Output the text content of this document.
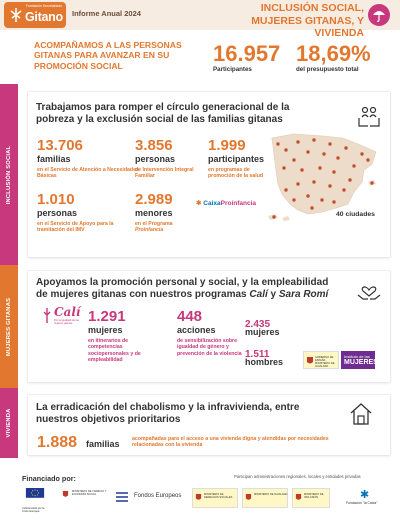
Fundación Secretariado
Gitano Informe Anual 2024	INCLUSIÓN SOCIAL, MUJERES GITANAS, Y VIVIENDA
ACOMPAÑAMOS A LAS PERSONAS GITANAS PARA AVANZAR EN SU PROMOCIÓN SOCIAL	16.957
Participantes
18,69%
del presupuesto total
INCLUSIÓN SOCIAL
Trabajamos para romper el círculo generacional de la pobreza y la exclusión social de las familias gitanas
13.706
familias
en el Servicio de Atención a Necesidades Básicas
3.856
personas
de Intervención Integral Familiar
1.999
participantes
en programas de promoción de la salud
1.010
personas
en el Servicio de Apoyo para la tramitación del IMV
2.989
menores
en el Programa
Proinfancia
✱ CaixaProinfancia
40 ciudades
MUJERES GITANAS
Apoyamos la promoción personal y social, y la empleabilidad de mujeres gitanas con nuestros programas Calí y Sara Romí
Calí
Por la igualdad de las mujeres gitanas	1.291
mujeres
en itinerarios de competencias sociopersonales y de empleabilidad
448
acciones
de sensibilización sobre igualdad de género y prevención de la violencia
2.435
mujeres
1.511
hombres	GOBIERNO DE ESPAÑA MINISTERIO DE IGUALDAD
Instituto de las
MUJERES
VIVIENDA
La erradicación del chabolismo y la infravivienda, entre nuestros objetivos prioritarios
1.888 familias acompañadas para el acceso a una vivienda digna y atendidas por necesidades relacionadas con la vivienda
Financiado por:	Participan administraciones regionales, locales y entidades privadas
Cofinanciado por la Unión Europea
MINISTERIO DE TRABAJO Y ECONOMÍA SOCIAL	Fondos Europeos	MINISTERIO DE DERECHOS SOCIALES
MINISTERIO DE IGUALDAD	MINISTERIO DE INCLUSIÓN	✱
Fundación "la Caixa"
